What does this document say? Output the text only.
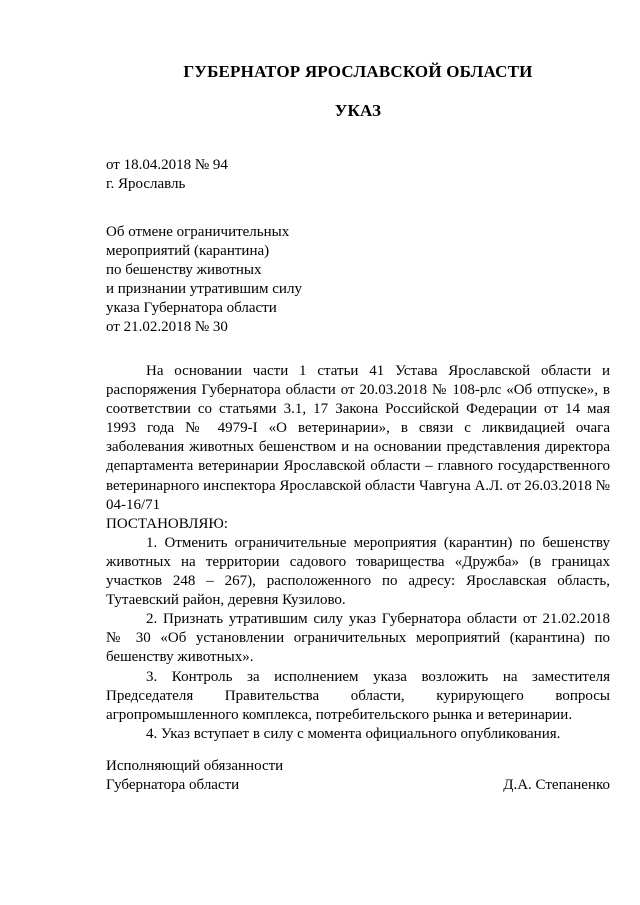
ГУБЕРНАТОР ЯРОСЛАВСКОЙ ОБЛАСТИ
УКАЗ
от 18.04.2018 № 94
г. Ярославль
Об отмене ограничительных
мероприятий (карантина)
по бешенству животных
и признании утратившим силу
указа Губернатора области
от 21.02.2018 № 30

На основании части 1 статьи 41 Устава Ярославской области и распоряжения Губернатора области от 20.03.2018 № 108-рлс «Об отпуске», в соответствии со статьями 3.1, 17 Закона Российской Федерации от 14 мая 1993 года № 4979-I «О ветеринарии», в связи с ликвидацией очага заболевания животных бешенством и на основании представления директора департамента ветеринарии Ярославской области – главного государственного ветеринарного инспектора Ярославской области Чавгуна А.Л. от 26.03.2018 № 04-16/71

ПОСТАНОВЛЯЮ:

1. Отменить ограничительные мероприятия (карантин) по бешенству животных на территории садового товарищества «Дружба» (в границах участков 248 – 267), расположенного по адресу: Ярославская область, Тутаевский район, деревня Кузилово.

2. Признать утратившим силу указ Губернатора области от 21.02.2018 № 30 «Об установлении ограничительных мероприятий (карантина) по бешенству животных».

3. Контроль за исполнением указа возложить на заместителя Председателя Правительства области, курирующего вопросы агропромышленного комплекса, потребительского рынка и ветеринарии.

4. Указ вступает в силу с момента официального опубликования.

Исполняющий обязанности
Губернатора области	Д.А. Степаненко
